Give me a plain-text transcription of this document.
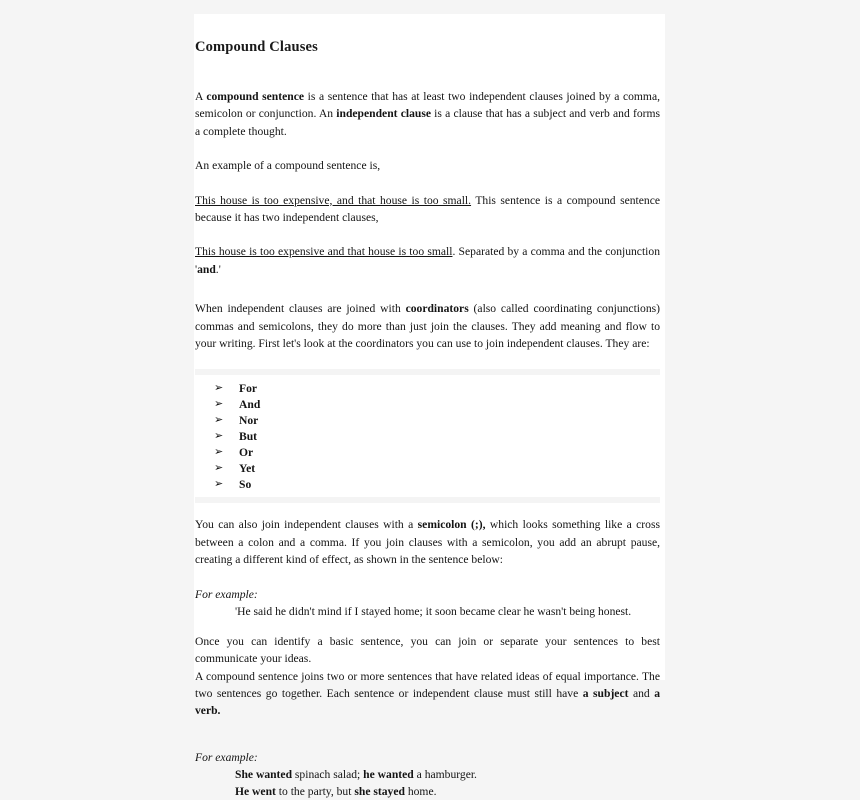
Compound Clauses

A compound sentence is a sentence that has at least two independent clauses joined by a comma, semicolon or conjunction. An independent clause is a clause that has a subject and verb and forms a complete thought.

An example of a compound sentence is,

This house is too expensive, and that house is too small. This sentence is a compound sentence because it has two independent clauses,

This house is too expensive and that house is too small. Separated by a comma and the conjunction 'and.'

When independent clauses are joined with coordinators (also called coordinating conjunctions) commas and semicolons, they do more than just join the clauses. They add meaning and flow to your writing. First let's look at the coordinators you can use to join independent clauses. They are:

➢ For
➢ And
➢ Nor
➢ But
➢ Or
➢ Yet
➢ So

You can also join independent clauses with a semicolon (;), which looks something like a cross between a colon and a comma. If you join clauses with a semicolon, you add an abrupt pause, creating a different kind of effect, as shown in the sentence below:

For example:

'He said he didn't mind if I stayed home; it soon became clear he wasn't being honest.

Once you can identify a basic sentence, you can join or separate your sentences to best communicate your ideas.

A compound sentence joins two or more sentences that have related ideas of equal importance. The two sentences go together. Each sentence or independent clause must still have a subject and a verb.

For example:

She wanted spinach salad; he wanted a hamburger.

He went to the party, but she stayed home.
